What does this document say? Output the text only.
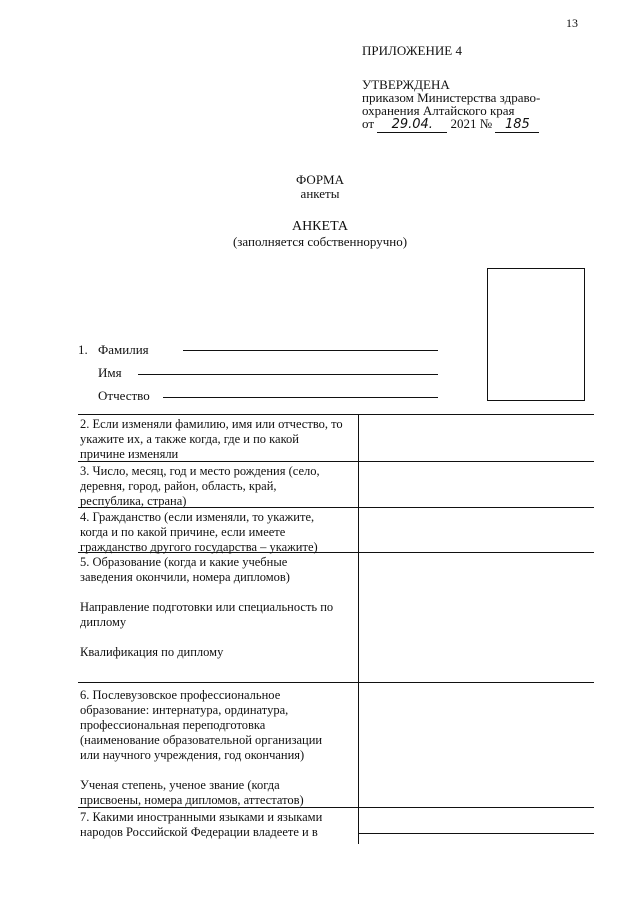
13
ПРИЛОЖЕНИЕ 4
УТВЕРЖДЕНА
приказом Министерства здраво-
охранения Алтайского края
от 29.04. 2021 № 185
ФОРМА
анкеты
АНКЕТА
(заполняется собственноручно)
1. Фамилия
Имя
Отчество
2. Если изменяли фамилию, имя или отчество, то
укажите их, а также когда, где и по какой
причине изменяли
3. Число, месяц, год и место рождения (село,
деревня, город, район, область, край,
республика, страна)
4. Гражданство (если изменяли, то укажите,
когда и по какой причине, если имеете
гражданство другого государства – укажите)
5. Образование (когда и какие учебные
заведения окончили, номера дипломов)
Направление подготовки или специальность по
дипломy
Квалификация по диплому
6. Послевузовское профессиональное
образование: интернатура, ординатура,
профессиональная переподготовка
(наименование образовательной организации
или научного учреждения, год окончания)
Ученая степень, ученое звание (когда
присвоены, номера дипломов, аттестатов)
7. Какими иностранными языками и языками
народов Российской Федерации владеете и в
